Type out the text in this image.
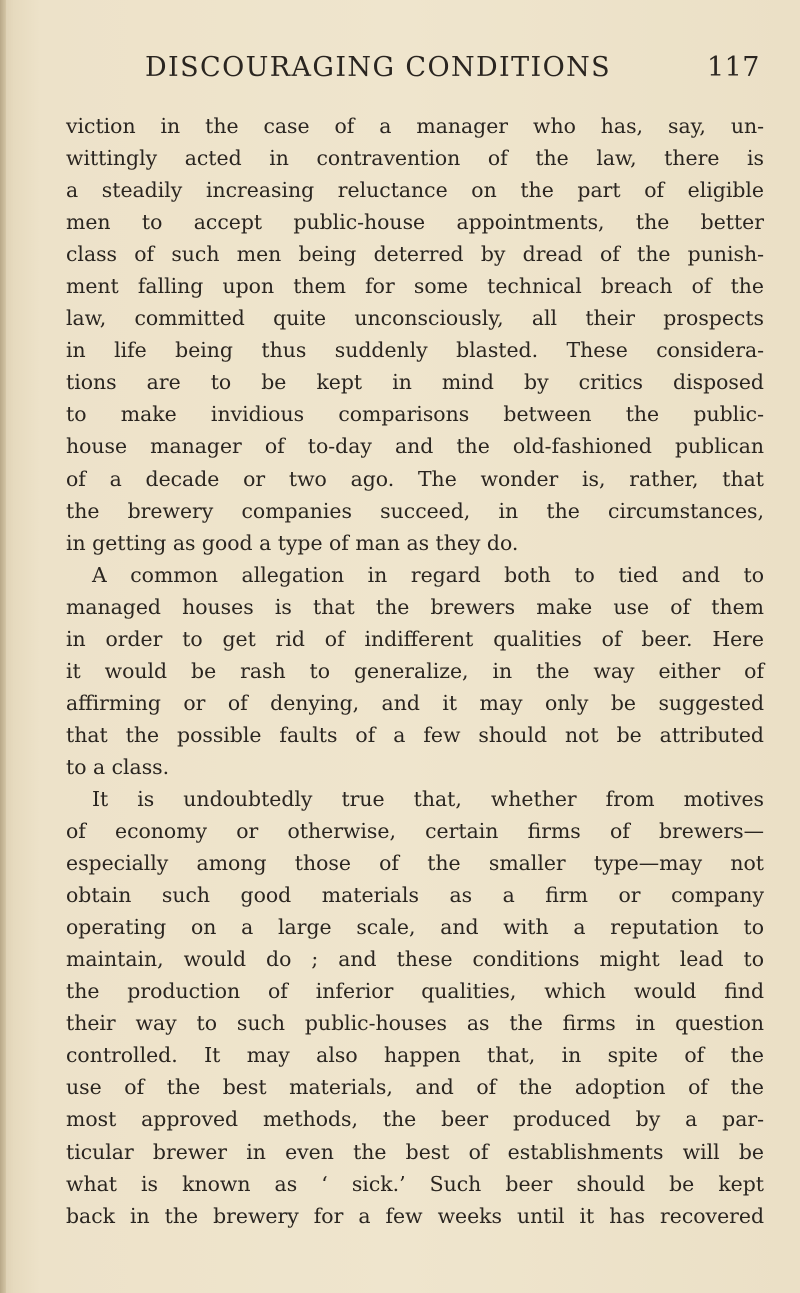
DISCOURAGING CONDITIONS	117
viction in the case of a manager who has, say, un-
wittingly acted in contravention of the law, there is
a steadily increasing reluctance on the part of eligible
men to accept public-house appointments, the better
class of such men being deterred by dread of the punish-
ment falling upon them for some technical breach of the
law, committed quite unconsciously, all their prospects
in life being thus suddenly blasted. These considera-
tions are to be kept in mind by critics disposed
to make invidious comparisons between the public-
house manager of to-day and the old-fashioned publican
of a decade or two ago. The wonder is, rather, that
the brewery companies succeed, in the circumstances,
in getting as good a type of man as they do.
A common allegation in regard both to tied and to
managed houses is that the brewers make use of them
in order to get rid of indifferent qualities of beer. Here
it would be rash to generalize, in the way either of
affirming or of denying, and it may only be suggested
that the possible faults of a few should not be attributed
to a class.
It is undoubtedly true that, whether from motives
of economy or otherwise, certain firms of brewers—
especially among those of the smaller type—may not
obtain such good materials as a firm or company
operating on a large scale, and with a reputation to
maintain, would do ; and these conditions might lead to
the production of inferior qualities, which would find
their way to such public-houses as the firms in question
controlled. It may also happen that, in spite of the
use of the best materials, and of the adoption of the
most approved methods, the beer produced by a par-
ticular brewer in even the best of establishments will be
what is known as ‘ sick.’ Such beer should be kept
back in the brewery for a few weeks until it has recovered
